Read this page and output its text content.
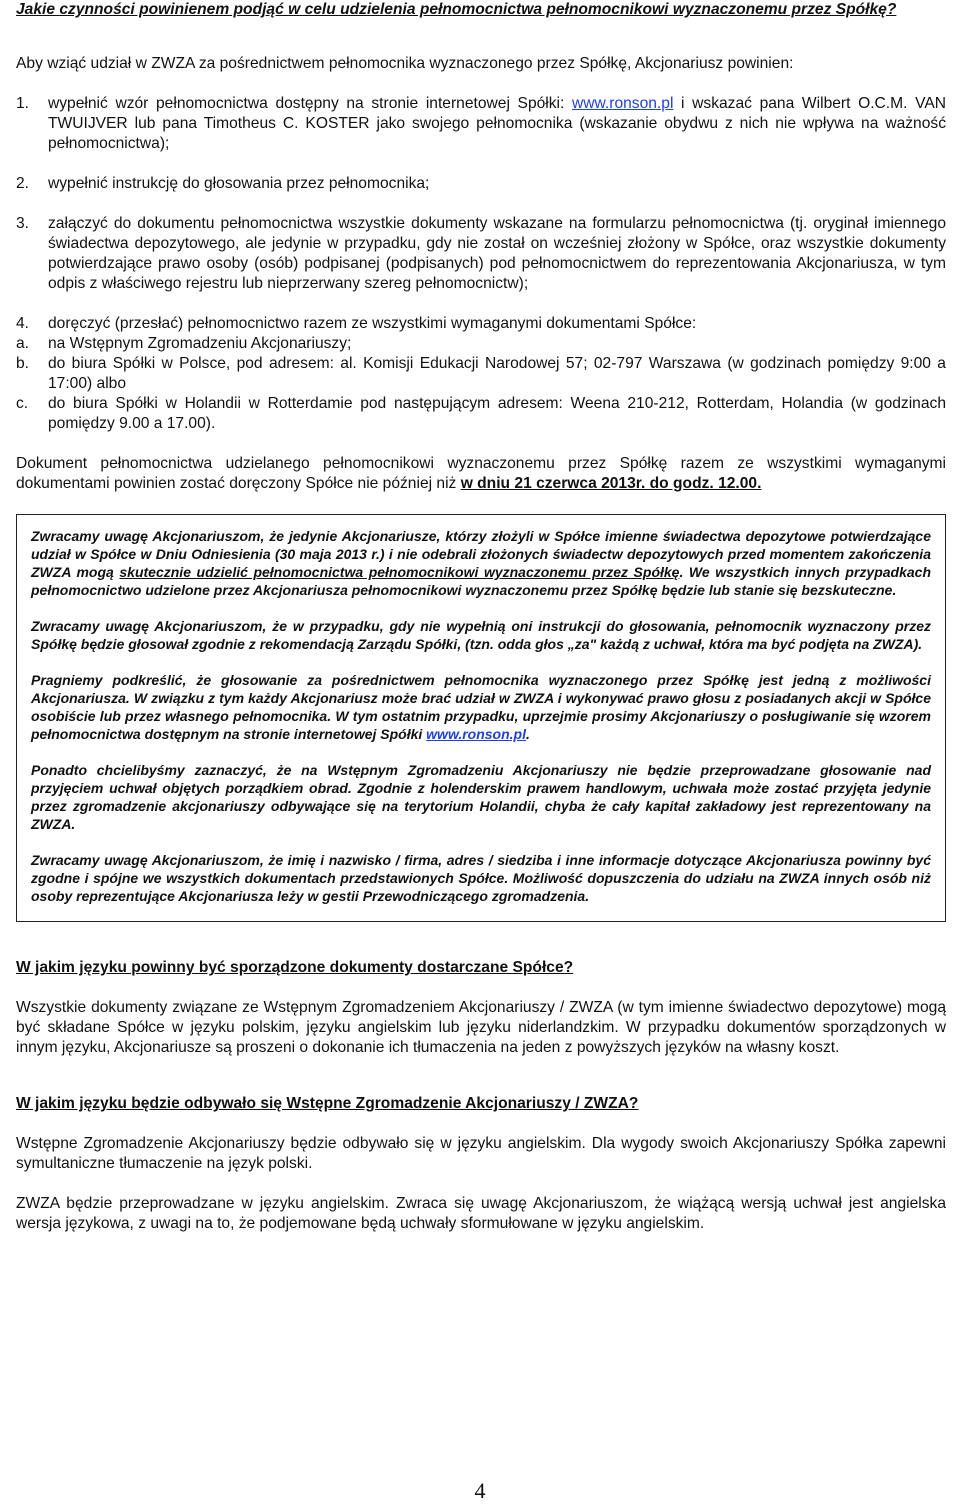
Jakie czynności powinienem podjąć w celu udzielenia pełnomocnictwa pełnomocnikowi wyznaczonemu przez Spółkę?

Aby wziąć udział w ZWZA za pośrednictwem pełnomocnika wyznaczonego przez Spółkę, Akcjonariusz powinien:

1.	wypełnić wzór pełnomocnictwa dostępny na stronie internetowej Spółki: www.ronson.pl i wskazać pana Wilbert O.C.M. VAN TWUIJVER lub pana Timotheus C. KOSTER jako swojego pełnomocnika (wskazanie obydwu z nich nie wpływa na ważność pełnomocnictwa);
2.	wypełnić instrukcję do głosowania przez pełnomocnika;
3.	załączyć do dokumentu pełnomocnictwa wszystkie dokumenty wskazane na formularzu pełnomocnictwa (tj. oryginał imiennego świadectwa depozytowego, ale jedynie w przypadku, gdy nie został on wcześniej złożony w Spółce, oraz wszystkie dokumenty potwierdzające prawo osoby (osób) podpisanej (podpisanych) pod pełnomocnictwem do reprezentowania Akcjonariusza, w tym odpis z właściwego rejestru lub nieprzerwany szereg pełnomocnictw);
4.	doręczyć (przesłać) pełnomocnictwo razem ze wszystkimi wymaganymi dokumentami Spółce:
a.	na Wstępnym Zgromadzeniu Akcjonariuszy;
b.	do biura Spółki w Polsce, pod adresem: al. Komisji Edukacji Narodowej 57; 02-797 Warszawa (w godzinach pomiędzy 9:00 a 17:00) albo
c.	do biura Spółki w Holandii w Rotterdamie pod następującym adresem: Weena 210-212, Rotterdam, Holandia (w godzinach pomiędzy 9.00 a 17.00).

Dokument pełnomocnictwa udzielanego pełnomocnikowi wyznaczonemu przez Spółkę razem ze wszystkimi wymaganymi dokumentami powinien zostać doręczony Spółce nie później niż w dniu 21 czerwca 2013r. do godz. 12.00.

Zwracamy uwagę Akcjonariuszom, że jedynie Akcjonariusze, którzy złożyli w Spółce imienne świadectwa depozytowe potwierdzające udział w Spółce w Dniu Odniesienia (30 maja 2013 r.) i nie odebrali złożonych świadectw depozytowych przed momentem zakończenia ZWZA mogą skutecznie udzielić pełnomocnictwa pełnomocnikowi wyznaczonemu przez Spółkę. We wszystkich innych przypadkach pełnomocnictwo udzielone przez Akcjonariusza pełnomocnikowi wyznaczonemu przez Spółkę będzie lub stanie się bezskuteczne.

Zwracamy uwagę Akcjonariuszom, że w przypadku, gdy nie wypełnią oni instrukcji do głosowania, pełnomocnik wyznaczony przez Spółkę będzie głosował zgodnie z rekomendacją Zarządu Spółki, (tzn. odda głos „za" każdą z uchwał, która ma być podjęta na ZWZA).

Pragniemy podkreślić, że głosowanie za pośrednictwem pełnomocnika wyznaczonego przez Spółkę jest jedną z możliwości Akcjonariusza. W związku z tym każdy Akcjonariusz może brać udział w ZWZA i wykonywać prawo głosu z posiadanych akcji w Spółce osobiście lub przez własnego pełnomocnika. W tym ostatnim przypadku, uprzejmie prosimy Akcjonariuszy o posługiwanie się wzorem pełnomocnictwa dostępnym na stronie internetowej Spółki www.ronson.pl.

Ponadto chcielibyśmy zaznaczyć, że na Wstępnym Zgromadzeniu Akcjonariuszy nie będzie przeprowadzane głosowanie nad przyjęciem uchwał objętych porządkiem obrad. Zgodnie z holenderskim prawem handlowym, uchwała może zostać przyjęta jedynie przez zgromadzenie akcjonariuszy odbywające się na terytorium Holandii, chyba że cały kapitał zakładowy jest reprezentowany na ZWZA.

Zwracamy uwagę Akcjonariuszom, że imię i nazwisko / firma, adres / siedziba i inne informacje dotyczące Akcjonariusza powinny być zgodne i spójne we wszystkich dokumentach przedstawionych Spółce. Możliwość dopuszczenia do udziału na ZWZA innych osób niż osoby reprezentujące Akcjonariusza leży w gestii Przewodniczącego zgromadzenia.

W jakim języku powinny być sporządzone dokumenty dostarczane Spółce?

Wszystkie dokumenty związane ze Wstępnym Zgromadzeniem Akcjonariuszy / ZWZA (w tym imienne świadectwo depozytowe) mogą być składane Spółce w języku polskim, języku angielskim lub języku niderlandzkim. W przypadku dokumentów sporządzonych w innym języku, Akcjonariusze są proszeni o dokonanie ich tłumaczenia na jeden z powyższych języków na własny koszt.

W jakim języku będzie odbywało się Wstępne Zgromadzenie Akcjonariuszy / ZWZA?

Wstępne Zgromadzenie Akcjonariuszy będzie odbywało się w języku angielskim. Dla wygody swoich Akcjonariuszy Spółka zapewni symultaniczne tłumaczenie na język polski.

ZWZA będzie przeprowadzane w języku angielskim. Zwraca się uwagę Akcjonariuszom, że wiążącą wersją uchwał jest angielska wersja językowa, z uwagi na to, że podjemowane będą uchwały sformułowane w języku angielskim.

4
